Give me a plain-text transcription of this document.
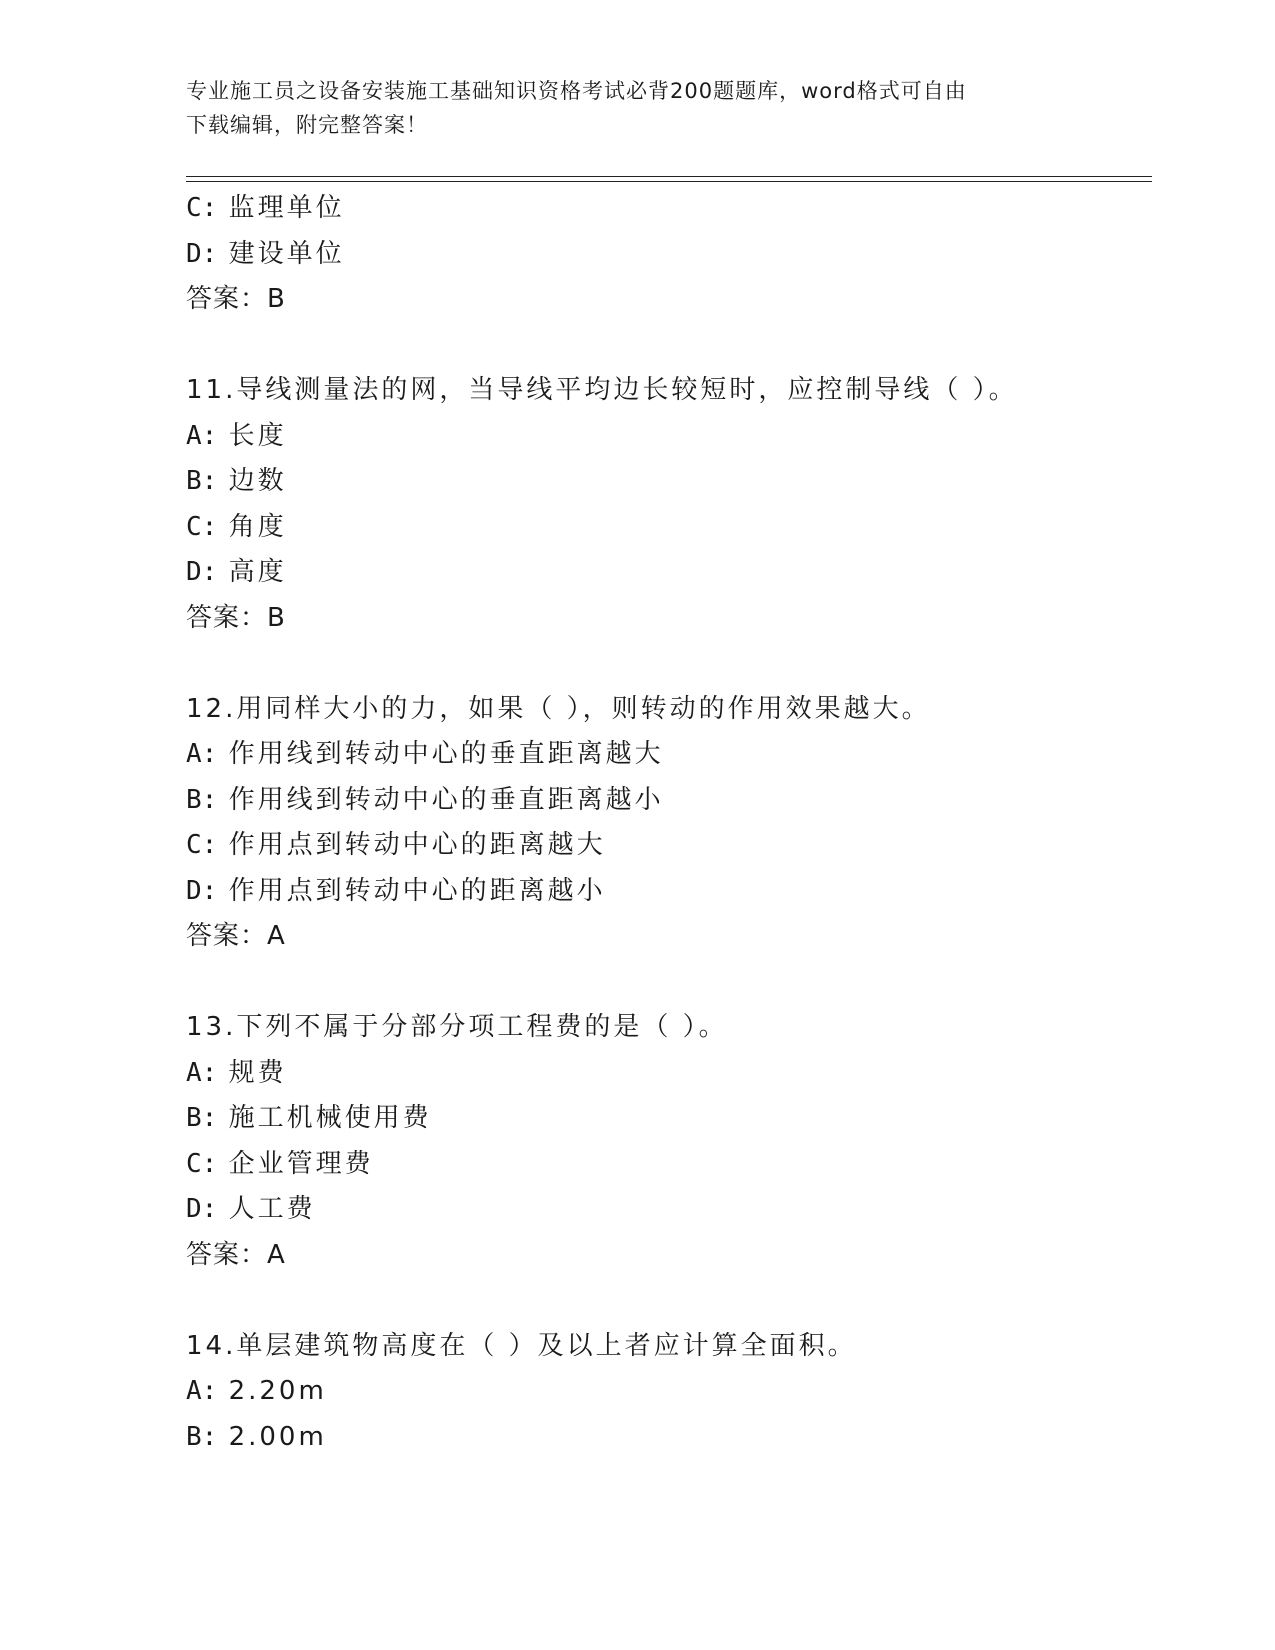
专业施工员之设备安装施工基础知识资格考试必背200题题库，word格式可自由
下载编辑，附完整答案！
C: 监理单位
D: 建设单位
答案：B
11.导线测量法的网，当导线平均边长较短时，应控制导线（ ）。
A: 长度
B: 边数
C: 角度
D: 高度
答案：B
12.用同样大小的力，如果（ ），则转动的作用效果越大。
A: 作用线到转动中心的垂直距离越大
B: 作用线到转动中心的垂直距离越小
C: 作用点到转动中心的距离越大
D: 作用点到转动中心的距离越小
答案：A
13.下列不属于分部分项工程费的是（ ）。
A: 规费
B: 施工机械使用费
C: 企业管理费
D: 人工费
答案：A
14.单层建筑物高度在（ ）及以上者应计算全面积。
A: 2.20m
B: 2.00m
